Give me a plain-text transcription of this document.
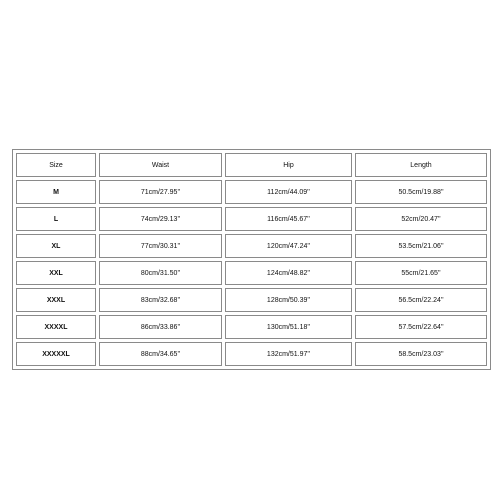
Size	Waist	Hip	Length
M	71cm/27.95''	112cm/44.09''	50.5cm/19.88''
L	74cm/29.13''	116cm/45.67''	52cm/20.47''
XL	77cm/30.31''	120cm/47.24''	53.5cm/21.06''
XXL	80cm/31.50''	124cm/48.82''	55cm/21.65''
XXXL	83cm/32.68''	128cm/50.39''	56.5cm/22.24''
XXXXL	86cm/33.86''	130cm/51.18''	57.5cm/22.64''
XXXXXL	88cm/34.65''	132cm/51.97''	58.5cm/23.03''
